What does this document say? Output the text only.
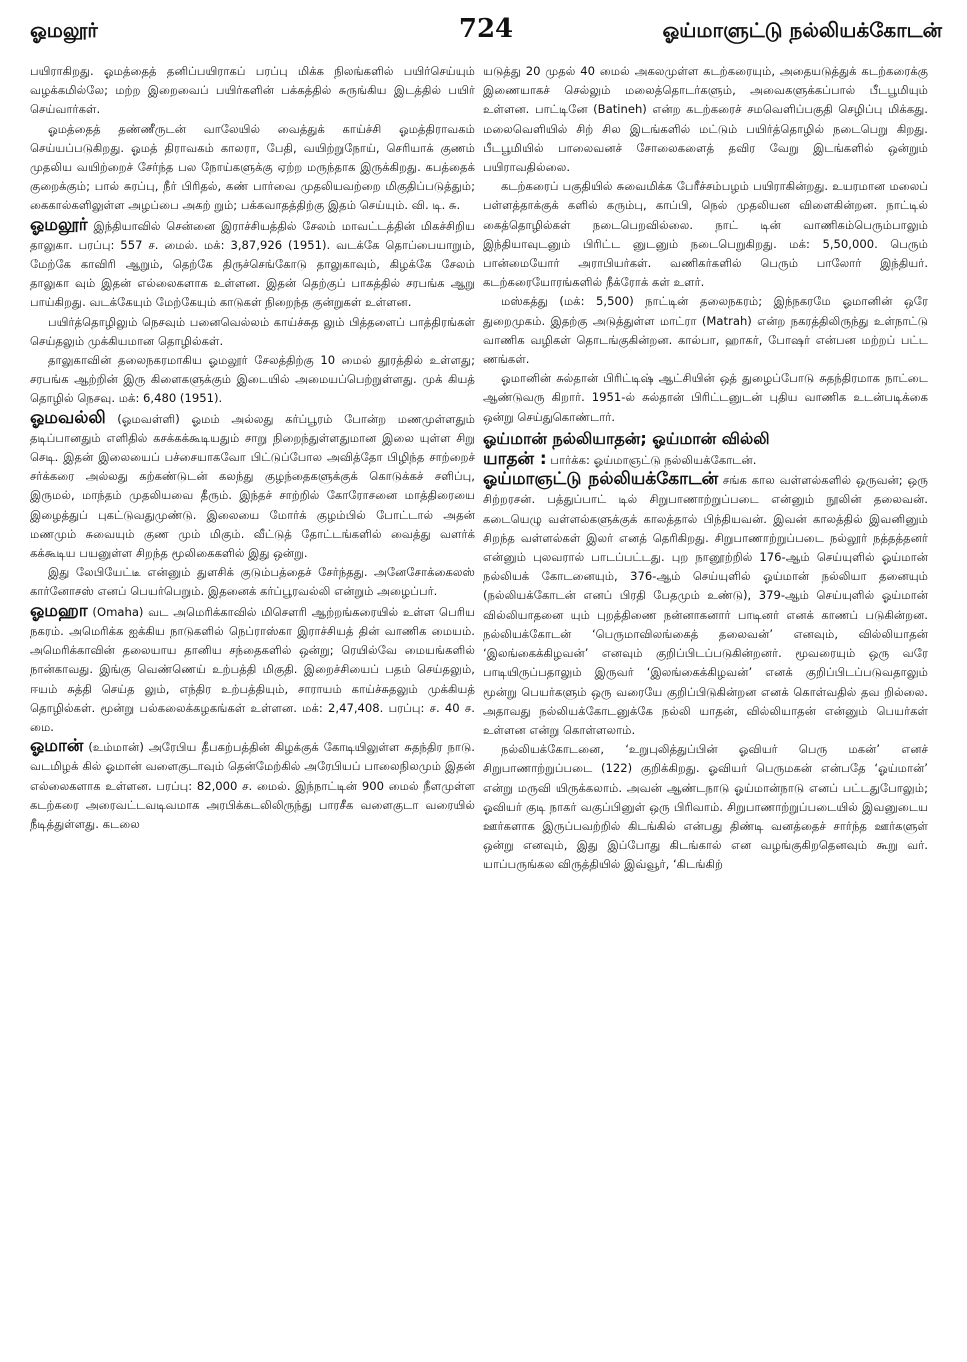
ஓமலூர்	724	ஓய்மாளுட்டு நல்லியக்கோடன்

பயிராகிறது. ஓமத்தைத் தனிப்பயிராகப் பரப்பு மிக்க நிலங்களில் பயிர்செய்யும் வழக்கமில்லே; மற்ற இறைவைப் பயிர்களின் பக்கத்தில் சுருங்கிய இடத்தில் பயிர் செய்வார்கள்.

ஓமத்தைத் தண்ணீருடன் வாலேயில் வைத்துக் காய்ச்சி ஓமத்திராவகம் செய்யப்படுகிறது. ஓமத் திராவகம் காலரா, பேதி, வயிற்றுநோய், செரியாக் குணம் முதலிய வயிற்றைச் சேர்ந்த பல நோய்களுக்கு ஏற்ற மருந்தாக இருக்கிறது. கபத்தைக் குறைக்கும்; பால் சுரப்பு, நீர் பிரிதல், கண் பார்வை முதலியவற்றை மிகுதிப்படுத்தும்; கைகால்களிலுள்ள அழப்பை அகற் றும்; பக்கவாதத்திற்கு இதம் செய்யும். வி. டி. சு.

ஓமலூர் இந்தியாவில் சென்னை இராச்சியத்தில் சேலம் மாவட்டத்தின் மிகச்சிறிய தாலுகா. பரப்பு: 557 ச. மைல். மக்: 3,87,926 (1951). வடக்கே தொப்பையாறும், மேற்கே காவிரி ஆறும், தெற்கே திருச்செங்கோடு தாலுகாவும், கிழக்கே சேலம் தாலுகா வும் இதன் எல்லைகளாக உள்ளன. இதன் தெற்குப் பாகத்தில் சரபங்க ஆறு பாய்கிறது. வடக்கேயும் மேற்கேயும் காடுகள் நிறைந்த குன்றுகள் உள்ளன.

பயிர்த்தொழிலும் நெசவும் பனைவெல்லம் காய்ச்சுத லும் பித்தளைப் பாத்திரங்கள் செய்தலும் முக்கியமான தொழில்கள்.

தாலுகாவின் தலைநகரமாகிய ஓமலூர் சேலத்திற்கு 10 மைல் தூரத்தில் உள்ளது; சரபங்க ஆற்றின் இரு கிளைகளுக்கும் இடையில் அமையப்பெற்றுள்ளது. முக் கியத் தொழில் நெசவு. மக்: 6,480 (1951).

ஓமவல்லி (ஓமவள்ளி) ஓமம் அல்லது கர்ப்பூரம் போன்ற மணமுள்ளதும் தடிப்பானதும் எளிதில் கசக்கக்கூடியதும் சாறு நிறைந்துள்ளதுமான இலை யுள்ள சிறு செடி. இதன் இலையைப் பச்சையாகவோ பிட்டுப்போல அவித்தோ பிழிந்த சாற்றைச் சர்க்கரை அல்லது கற்கண்டுடன் கலந்து குழந்தைகளுக்குக் கொடுக்கச் சளிப்பு, இருமல், மாந்தம் முதலியவை தீரும். இந்தச் சாற்றில் கோரோசனை மாத்திரையை இழைத்துப் புகட்டுவதுமுண்டு. இலையை மோர்க் குழம்பில் போட்டால் அதன் மணமும் சுவையும் குண மும் மிகும். வீட்டுத் தோட்டங்களில் வைத்து வளர்க் கக்கூடிய பயனுள்ள சிறந்த மூலிகைகளில் இது ஒன்று.

இது லேபியேட்டீ என்னும் துளசிக் குடும்பத்தைச் சேர்ந்தது. அனேசோக்கைலஸ் கார்னோசஸ் எனப் பெயர்பெறும். இதனைக் கர்ப்பூரவல்லி என்றும் அழைப்பர்.

ஓமஹா (Omaha) வட அமெரிக்காவில் மிசௌரி ஆற்றங்கரையில் உள்ள பெரிய நகரம். அமெரிக்க ஐக்கிய நாடுகளில் நெப்ராஸ்கா இராச்சியத் தின் வாணிக மையம். அமெரிக்காவின் தலையாய தானிய சந்தைகளில் ஒன்று; ரெயில்வே மையங்களில் நான்காவது. இங்கு வெண்ணெய் உற்பத்தி மிகுதி. இறைச்சியைப் பதம் செய்தலும், ஈயம் சுத்தி செய்த லும், எந்திர உற்பத்தியும், சாராயம் காய்ச்சுதலும் முக்கியத் தொழில்கள். மூன்று பல்கலைக்கழகங்கள் உள்ளன. மக்: 2,47,408. பரப்பு: ச. 40 ச. மை.

ஓமான் (உம்மான்) அரேபிய தீபகற்பத்தின் கிழக்குக் கோடியிலுள்ள சுதந்திர நாடு. வடமிழக் கில் ஓமான் வளைகுடாவும் தென்மேற்கில் அரேபியப் பாலைநிலமும் இதன் எல்லைகளாக உள்ளன. பரப்பு: 82,000 ச. மைல். இந்நாட்டின் 900 மைல் நீளமுள்ள கடற்கரை அரைவட்டவடிவமாக அரபிக்கடலிலிருந்து பாரசீக வளைகுடா வரையில் நீடித்துள்ளது. கடலை

யடுத்து 20 முதல் 40 மைல் அகலமுள்ள கடற்கரையும், அதையடுத்துக் கடற்கரைக்கு இணையாகச் செல்லும் மலைத்தொடர்களும், அவைகளுக்கப்பால் பீடபூமியும் உள்ளன. பாட்டினே (Batineh) என்ற கடற்கரைச் சமவெளிப்பகுதி செழிப்பு மிக்கது. மலைவெளியில் சிற் சில இடங்களில் மட்டும் பயிர்த்தொழில் நடைபெறு கிறது. பீடபூமியில் பாலைவனச் சோலைகளைத் தவிர வேறு இடங்களில் ஒன்றும் பயிராவதில்லை.

கடற்கரைப் பகுதியில் சுவைமிக்க பேரீச்சம்பழம் பயிராகின்றது. உயரமான மலைப் பள்ளத்தாக்குக் களில் கரும்பு, காப்பி, நெல் முதலியன விளைகின்றன. நாட்டில் கைத்தொழில்கள் நடைபெறவில்லை. நாட் டின் வாணிகம்பெரும்பாலும் இந்தியாவுடனும் பிரிட்ட னுடனும் நடைபெறுகிறது. மக்: 5,50,000. பெரும் பான்மையோர் அராபியர்கள். வணிகர்களில் பெரும் பாலோர் இந்தியர். கடற்கரையோரங்களில் நீக்ரோக் கள் உளர்.

மஸ்கத்து (மக்: 5,500) நாட்டின் தலைநகரம்; இந்நகரமே ஓமானின் ஒரே துறைமுகம். இதற்கு அடுத்துள்ள மாட்ரா (Matrah) என்ற நகரத்திலிருந்து உள்நாட்டு வாணிக வழிகள் தொடங்குகின்றன. கால்பா, ஹாகர், போஷர் என்பன மற்றப் பட்ட ணங்கள்.

ஓமானின் சுல்தான் பிரிட்டிஷ் ஆட்சியின் ஒத் துழைப்போடு சுதந்திரமாக நாட்டை ஆண்டுவரு கிறார். 1951-ல் சுல்தான் பிரிட்டனுடன் புதிய வாணிக உடன்படிக்கை ஒன்று செய்துகொண்டார்.

ஓய்மான் நல்லியாதன்; ஓய்மான் வில்லி

யாதன் : பார்க்க: ஓய்மாஞட்டு நல்லியக்கோடன்.

ஓய்மாஞட்டு நல்லியக்கோடன் சங்க கால வள்ளல்களில் ஒருவன்; ஒரு சிற்றரசன். பத்துப்பாட் டில் சிறுபாணாற்றுப்படை என்னும் நூலின் தலைவன். கடையெழு வள்ளல்களுக்குக் காலத்தால் பிந்தியவன். இவன் காலத்தில் இவனினும் சிறந்த வள்ளல்கள் இலர் எனத் தெரிகிறது. சிறுபாணாற்றுப்படை நல்லூர் நத்தத்தனர் என்னும் புலவரால் பாடப்பட்டது. புற நானூற்றில் 176-ஆம் செய்யுளில் ஓய்மான் நல்லியக் கோடனையும், 376-ஆம் செய்யுளில் ஓய்மான் நல்லியா தனையும் (நல்லியக்கோடன் எனப் பிரதி பேதமும் உண்டு), 379-ஆம் செய்யுளில் ஓய்மான் வில்லியாதனை யும் புறத்திணை நன்னாகனார் பாடினர் எனக் காணப் படுகின்றன. நல்லியக்கோடன் ‘பெருமாவிலங்கைத் தலைவன்’ எனவும், வில்லியாதன் ‘இலங்கைக்கிழவன்’ எனவும் குறிப்பிடப்படுகின்றனர். மூவரையும் ஒரு வரே பாடியிருப்பதாலும் இருவர் ‘இலங்கைக்கிழவன்’ எனக் குறிப்பிடப்படுவதாலும் மூன்று பெயர்களும் ஒரு வரையே குறிப்பிடுகின்றன எனக் கொள்வதில் தவ றில்லை. அதாவது நல்லியக்கோடனுக்கே நல்லி யாதன், வில்லியாதன் என்னும் பெயர்கள் உள்ளன என்று கொள்ளலாம்.

நல்லியக்கோடனை, ‘உறுபுலித்துப்பின் ஓவியர் பெரு மகன்’ எனச் சிறுபாணாற்றுப்படை (122) குறிக்கிறது. ஓவியர் பெருமகன் என்பதே ‘ஓய்மான்’ என்று மருவி யிருக்கலாம். அவன் ஆண்டநாடு ஓய்மான்நாடு எனப் பட்டதுபோலும்; ஓவியர் குடி நாகர் வகுப்பினுள் ஒரு பிரிவாம். சிறுபாணாற்றுப்படையில் இவனுடைய ஊர்களாக இருப்பவற்றில் கிடங்கில் என்பது திண்டி வனத்தைச் சார்ந்த ஊர்களுள் ஒன்று எனவும், இது இப்போது கிடங்கால் என வழங்குகிறதெனவும் கூறு வர். யாப்பருங்கல விருத்தியில் இவ்வூர், ‘கிடங்கிற்
